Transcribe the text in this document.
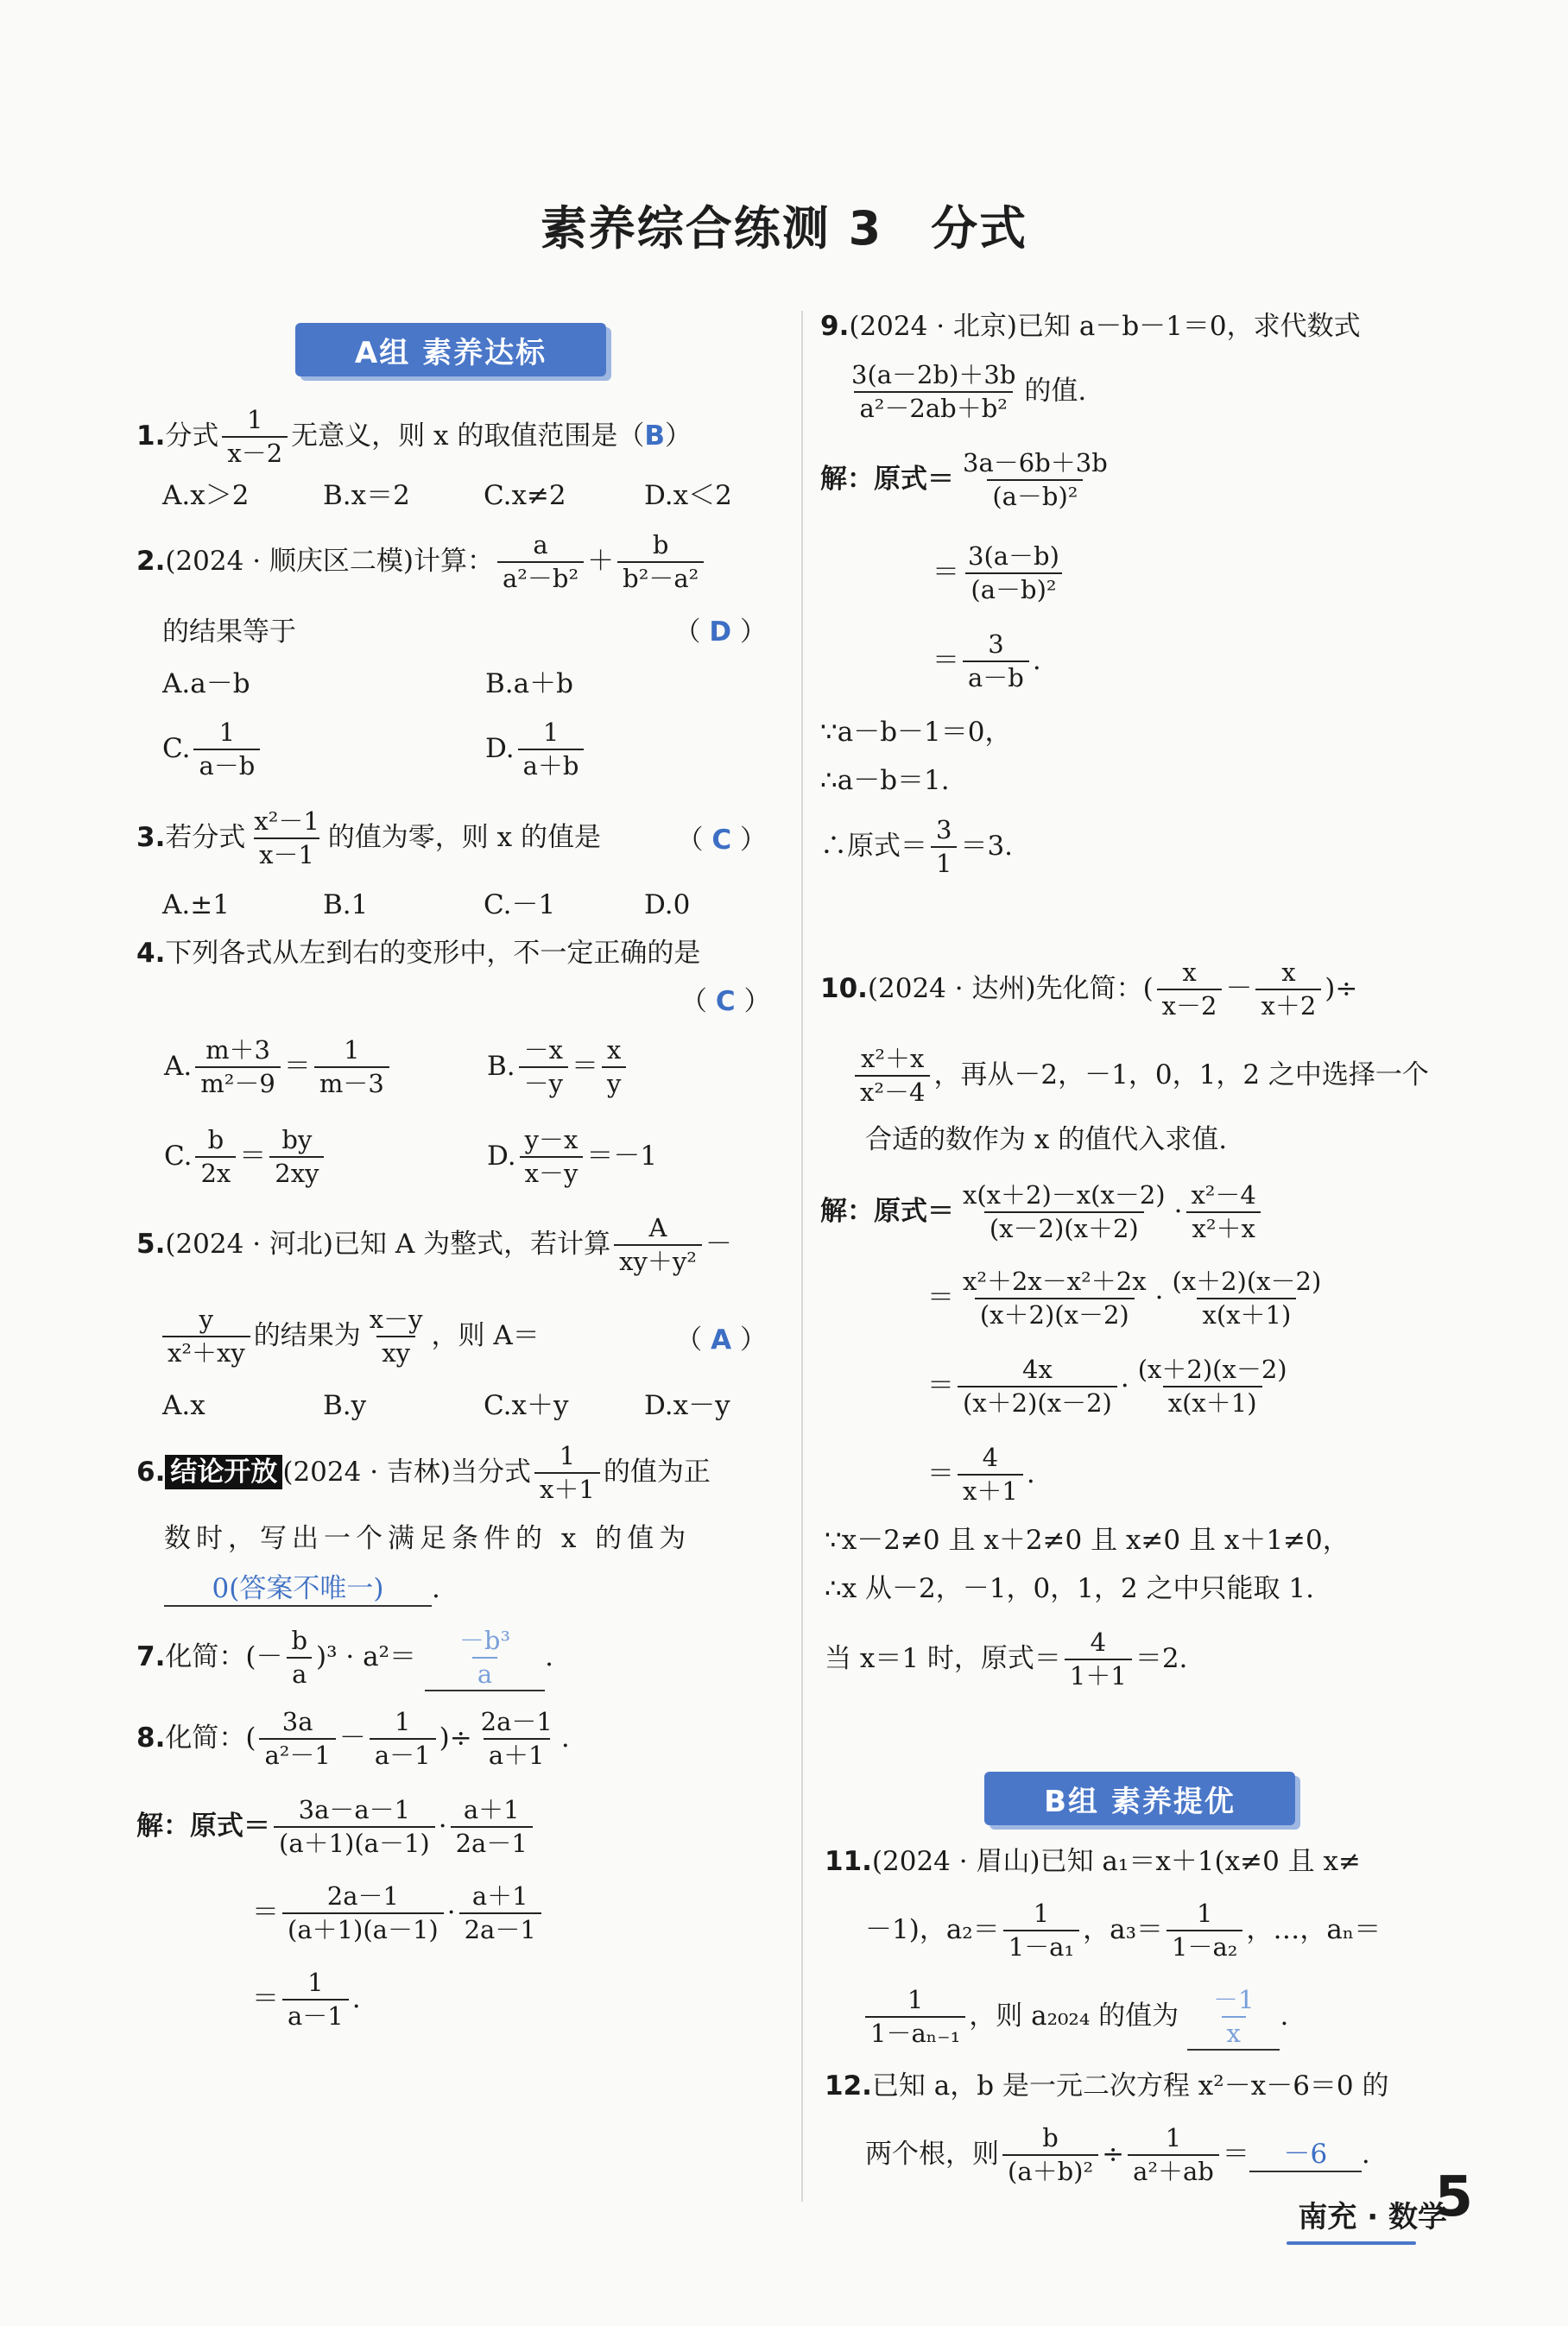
素养综合练测 3　分式
A组 素养达标
1.分式 $\frac{1}{x-2}$ 无意义，则 x 的取值范围是（B）
A.x＞2	B.x＝2	C.x≠2	D.x＜2
2.(2024 · 顺庆区二模)计算： $\frac{a}{\text{a²－b²}} + \frac{b}{\text{b²－a²}}$
的结果等于	（ D ）
A.a－b	B.a＋b
C. $\frac{1}{a-b}$	D. $\frac{1}{a+b}$
3.若分式 $\frac{\text{x²－1}}{x-1}$ 的值为零，则 x 的值是	（ C ）
A.±1	B.1	C.－1	D.0
4.下列各式从左到右的变形中，不一定正确的是
（ C ）
A. $\frac{m+3}{\text{m²－9}} = \frac{1}{m-3}$	B. $\frac{-x}{-y} = \frac{x}{y}$
C. $\frac{b}{2x} = \frac{by}{2xy}$	D. $\frac{y-x}{x-y} =-1$
5.(2024 · 河北)已知 A 为整式，若计算 $\frac{A}{\text{xy＋y²}}$ －
$\frac{y}{\text{x²＋xy}}$ 的结果为 $\frac{x-y}{xy}$ ，则 A＝	（ A ）
A.x	B.y	C.x＋y	D.x－y
6. 结论开放 (2024 · 吉林)当分式 $\frac{1}{x+1}$ 的值为正
数时，写出一个满足条件的 x 的值为
0(答案不唯一) .
7.化简：(－ $\frac{b}{a} )^3 \cdot a^2= \frac{\text{－b³}}{a}$ .
8.化简：( $\frac{3a}{\text{a²－1}} - \frac{1}{a-1}$ )÷ $\frac{2a-1}{a+1}$ .
解：原式＝ $\frac{3a-a-1}{(a+1)(a-1)} \cdot \frac{a+1}{2a-1}$
＝ $\frac{2a-1}{(a+1)(a-1)} \cdot \frac{a+1}{2a-1}$
＝ $\frac{1}{a-1}$ .
9.(2024 · 北京)已知 a－b－1＝0，求代数式
$\frac{3(a-2b)+3b}{\text{a²－2ab＋b²}}$ 的值.
解：原式＝ $\frac{3a-6b+3b}{\text{(a－b)²}}$
＝ $\frac{3(a-b)}{\text{(a－b)²}}$
＝ $\frac{3}{a-b}$ .
∵a－b－1＝0，
∴a－b＝1.
∴原式＝ $\frac{3}{1} =3$.
10.(2024 · 达州)先化简：( $\frac{x}{x-2} - \frac{x}{x+2}$ )÷
$\frac{\text{x²＋x}}{\text{x²－4}}$ ，再从－2，－1，0，1，2 之中选择一个
合适的数作为 x 的值代入求值.
解：原式＝ $\frac{x(x+2)-x(x-2)}{(x-2)(x+2)} \cdot \frac{\text{x²－4}}{\text{x²＋x}}$
＝ $\frac{\text{x²＋2x－x²＋2x}}{(x+2)(x-2)} \cdot \frac{(x+2)(x-2)}{x(x+1)}$
＝ $\frac{4x}{(x+2)(x-2)} \cdot \frac{(x+2)(x-2)}{x(x+1)}$
＝ $\frac{4}{x+1}$ .
∵x－2≠0 且 x＋2≠0 且 x≠0 且 x＋1≠0，
∴x 从－2，－1，0，1，2 之中只能取 1.
当 x＝1 时，原式＝ $\frac{4}{1+1} =2$.
B组 素养提优
11.(2024 · 眉山)已知 a₁＝x＋1(x≠0 且 x≠
－1)，$a_2= \frac{1}{\text{1－a₁}}$ ，$a_3= \frac{1}{\text{1－a₂}}$ ，…，aₙ＝
$\frac{1}{\text{1－aₙ₋₁}}$ ，则 a₂₀₂₄ 的值为 $\frac{-1}{x}$ .
12.已知 a，b 是一元二次方程 x²－x－6＝0 的
两个根，则 $\frac{b}{\text{(a＋b)²}} \div \frac{1}{\text{a²＋ab}} = -6$ .
南充 · 数学
5
